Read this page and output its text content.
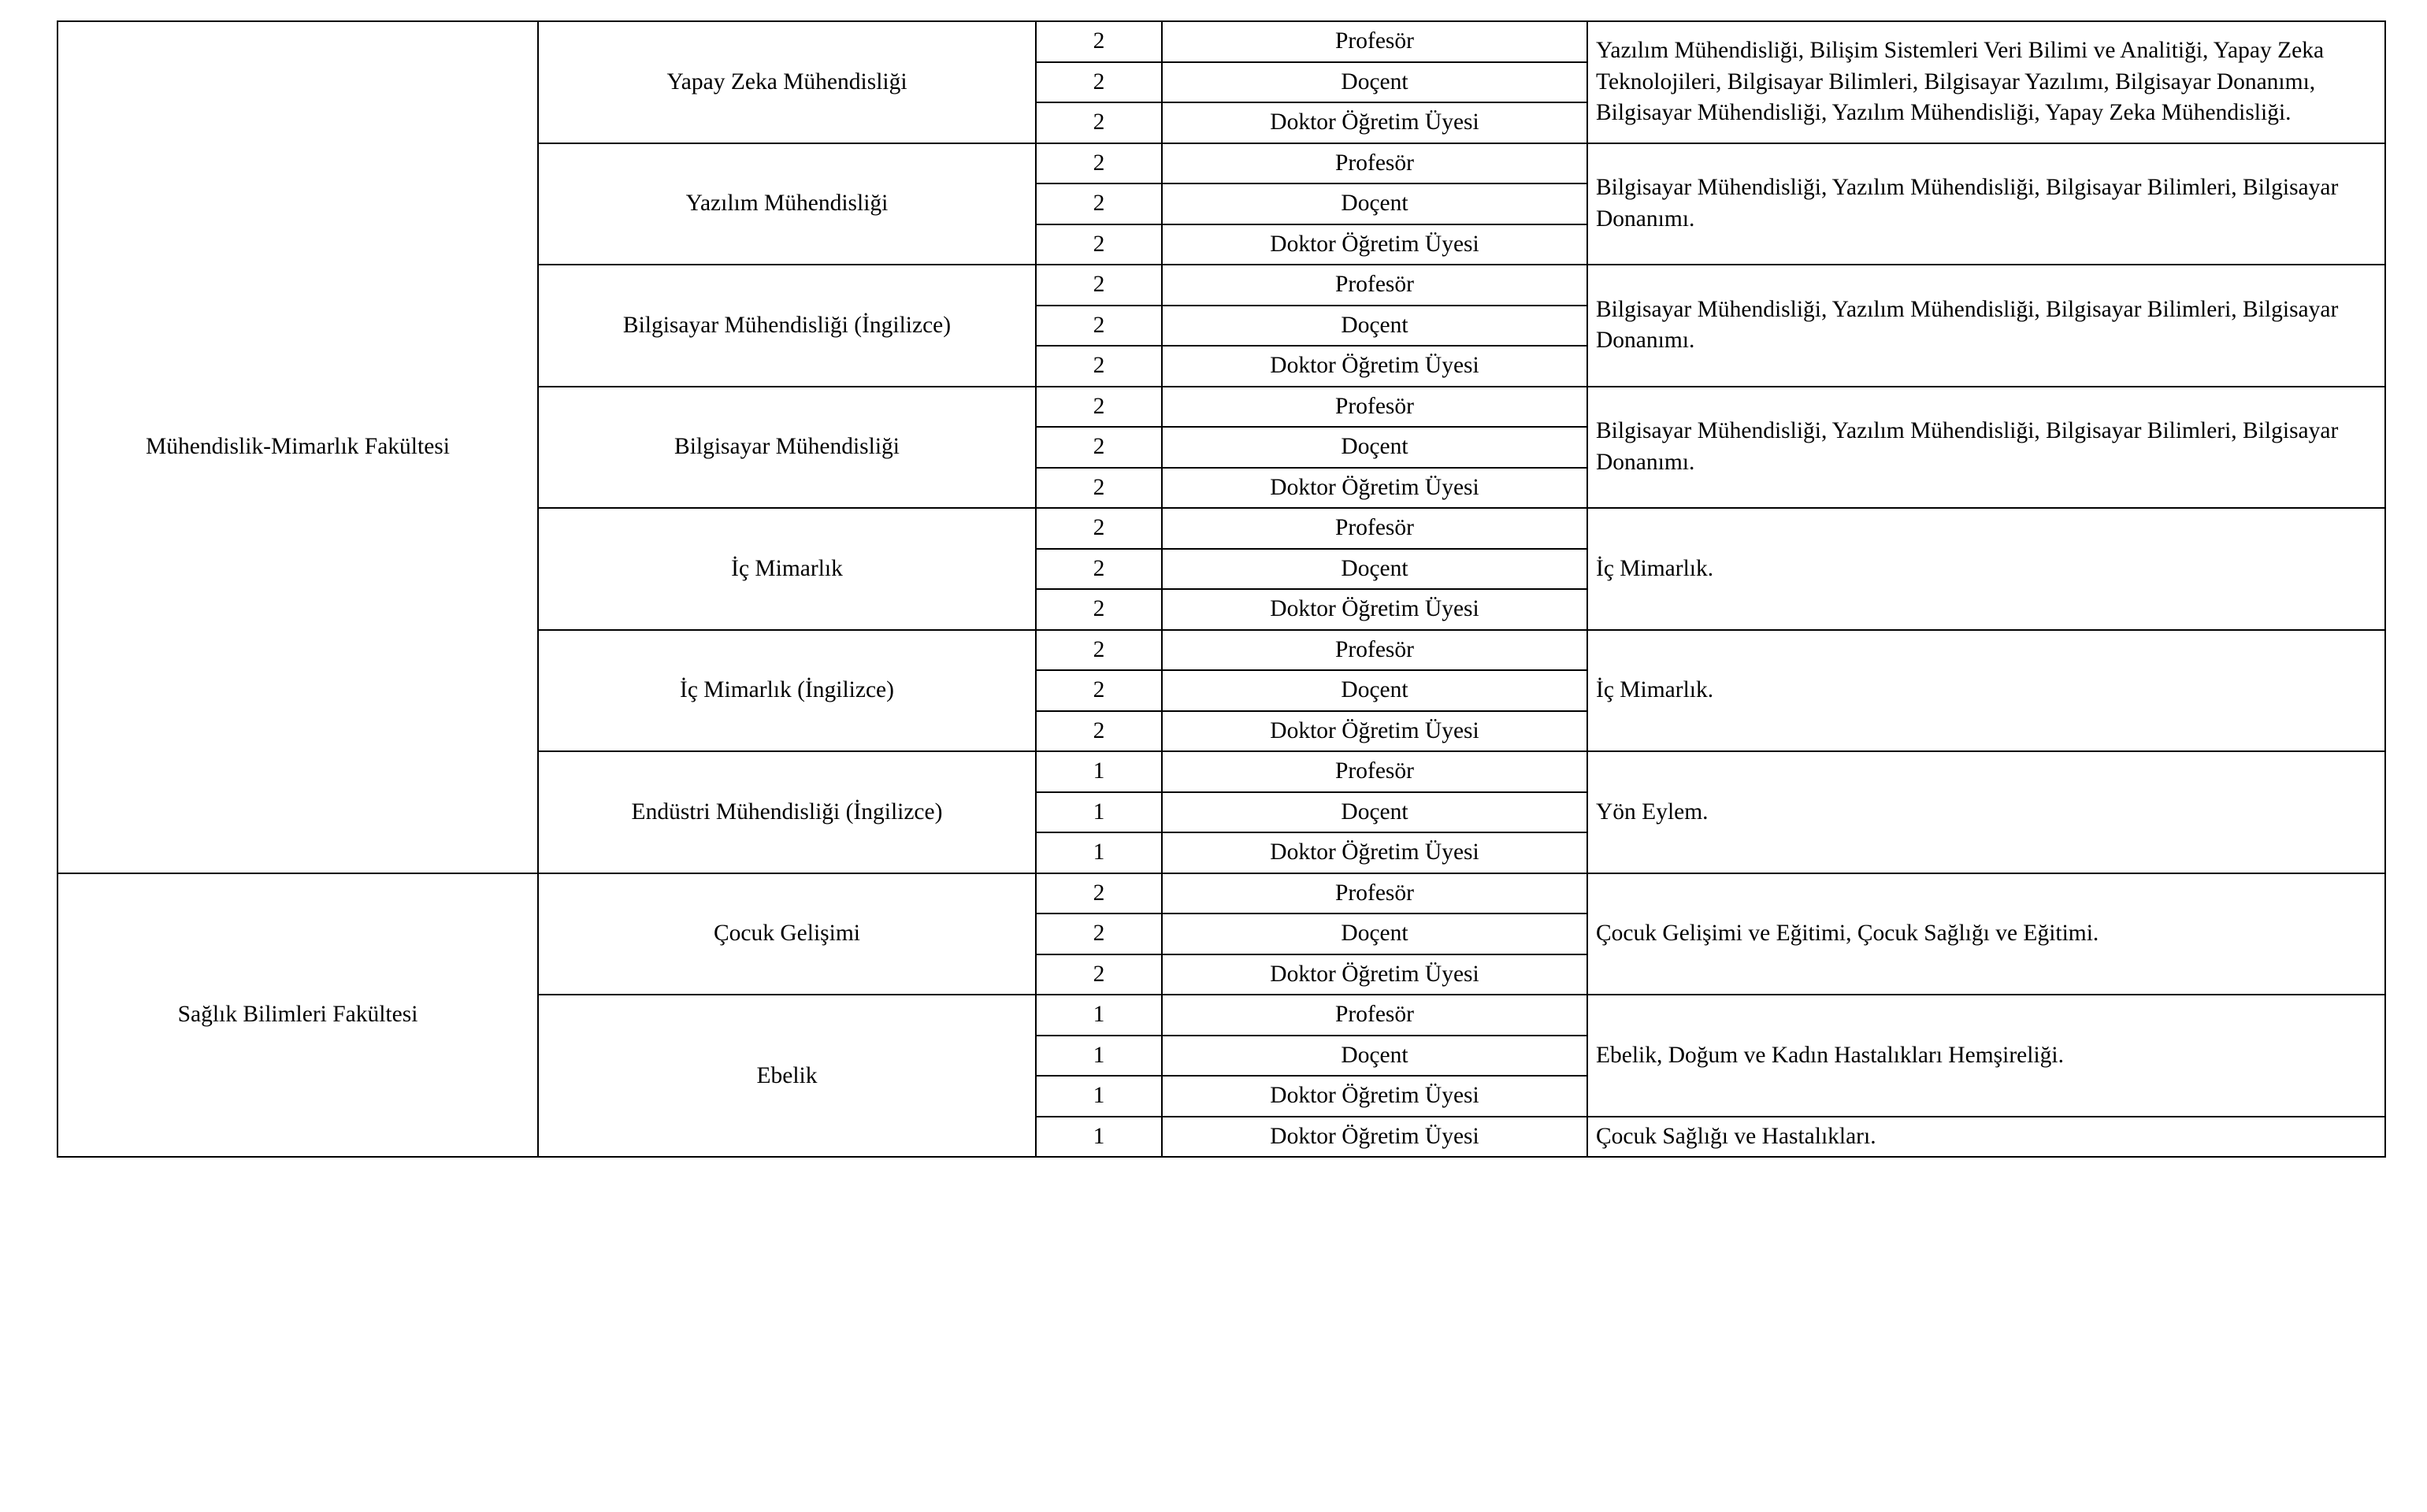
Mühendislik-Mimarlık Fakültesi	Yapay Zeka Mühendisliği	2	Profesör	Yazılım Mühendisliği, Bilişim Sistemleri Veri Bilimi ve Analitiği, Yapay Zeka Teknolojileri, Bilgisayar Bilimleri, Bilgisayar Yazılımı, Bilgisayar Donanımı, Bilgisayar Mühendisliği, Yazılım Mühendisliği, Yapay Zeka Mühendisliği.
		2	Doçent	
		2	Doktor Öğretim Üyesi	
	Yazılım Mühendisliği	2	Profesör	Bilgisayar Mühendisliği, Yazılım Mühendisliği, Bilgisayar Bilimleri, Bilgisayar Donanımı.
		2	Doçent	
		2	Doktor Öğretim Üyesi	
	Bilgisayar Mühendisliği (İngilizce)	2	Profesör	Bilgisayar Mühendisliği, Yazılım Mühendisliği, Bilgisayar Bilimleri, Bilgisayar Donanımı.
		2	Doçent	
		2	Doktor Öğretim Üyesi	
	Bilgisayar Mühendisliği	2	Profesör	Bilgisayar Mühendisliği, Yazılım Mühendisliği, Bilgisayar Bilimleri, Bilgisayar Donanımı.
		2	Doçent	
		2	Doktor Öğretim Üyesi	
	İç Mimarlık	2	Profesör	İç Mimarlık.
		2	Doçent	
		2	Doktor Öğretim Üyesi	
	İç Mimarlık (İngilizce)	2	Profesör	İç Mimarlık.
		2	Doçent	
		2	Doktor Öğretim Üyesi	
	Endüstri Mühendisliği (İngilizce)	1	Profesör	Yön Eylem.
		1	Doçent	
		1	Doktor Öğretim Üyesi	
Sağlık Bilimleri Fakültesi	Çocuk Gelişimi	2	Profesör	Çocuk Gelişimi ve Eğitimi, Çocuk Sağlığı ve Eğitimi.
		2	Doçent	
		2	Doktor Öğretim Üyesi	
	Ebelik	1	Profesör	Ebelik, Doğum ve Kadın Hastalıkları Hemşireliği.
		1	Doçent	
		1	Doktor Öğretim Üyesi	
		1	Doktor Öğretim Üyesi	Çocuk Sağlığı ve Hastalıkları.
